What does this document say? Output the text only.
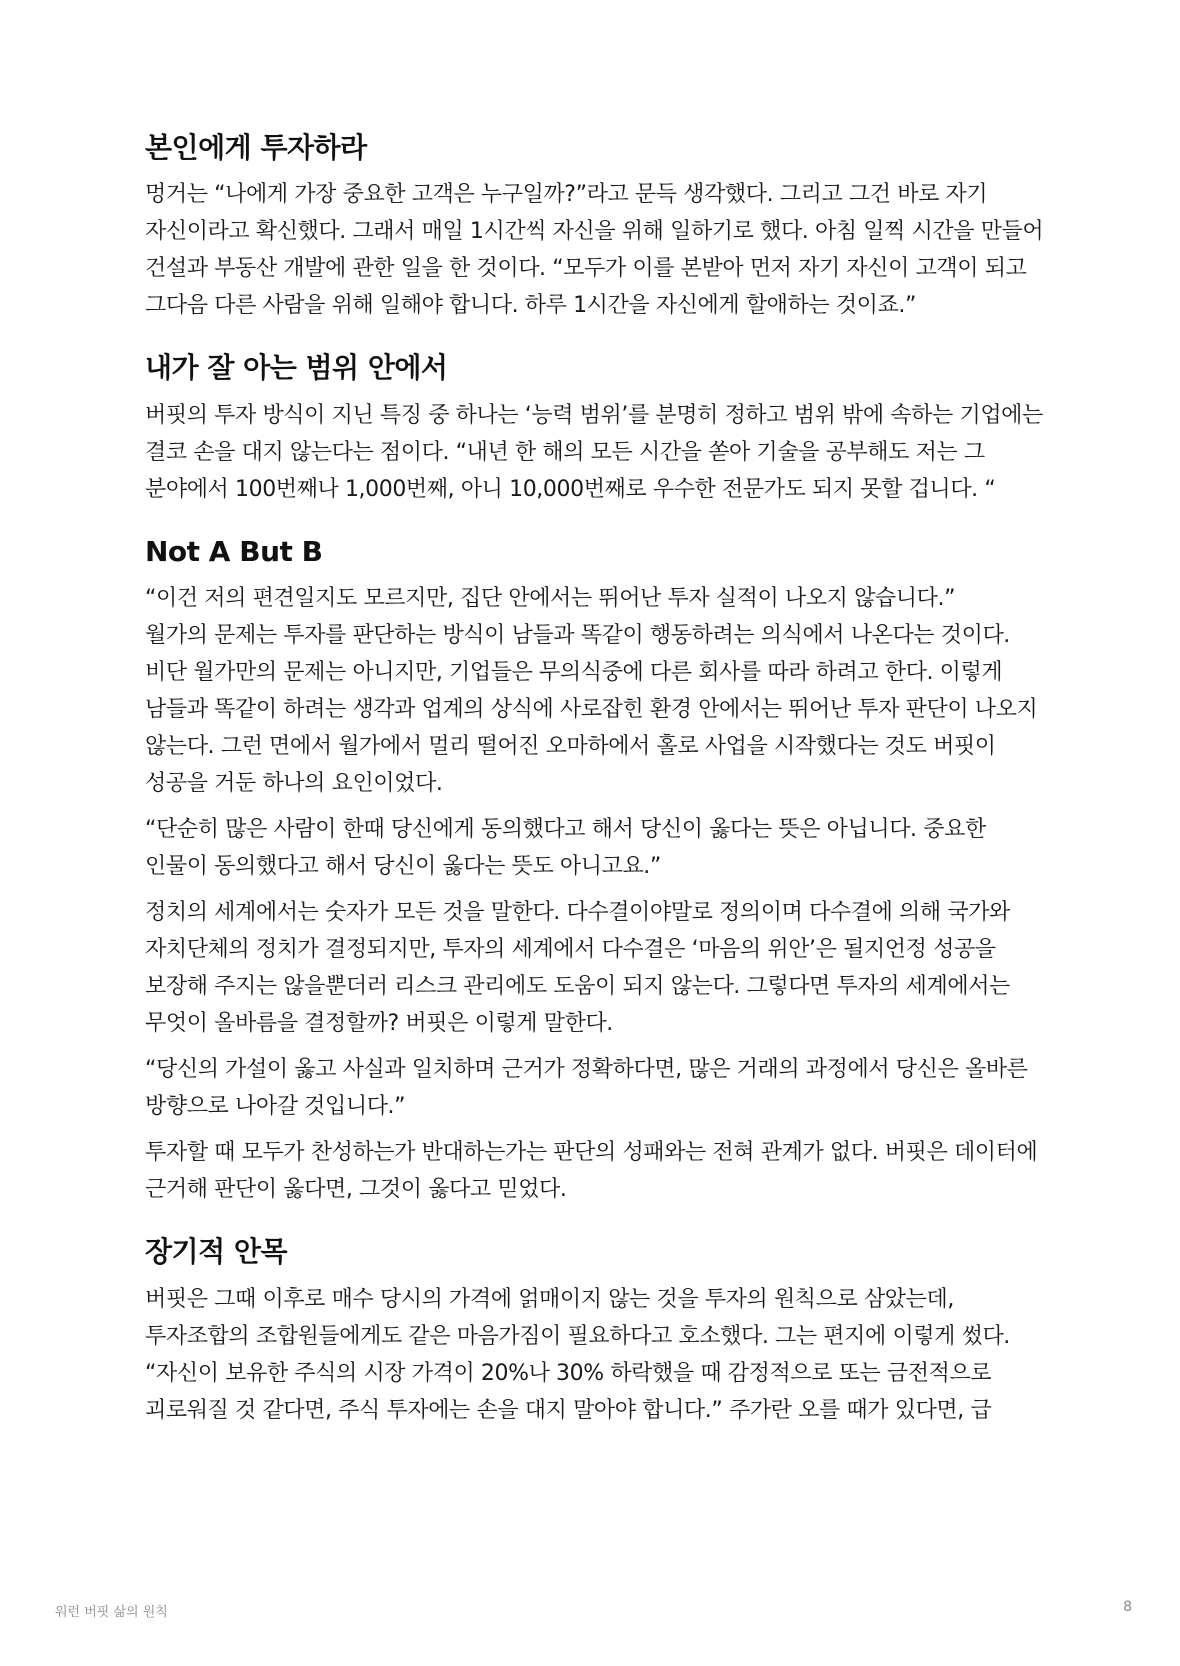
본인에게 투자하라

멍거는 “나에게 가장 중요한 고객은 누구일까?”라고 문득 생각했다. 그리고 그건 바로 자기 자신이라고 확신했다. 그래서 매일 1시간씩 자신을 위해 일하기로 했다. 아침 일찍 시간을 만들어 건설과 부동산 개발에 관한 일을 한 것이다. “모두가 이를 본받아 먼저 자기 자신이 고객이 되고 그다음 다른 사람을 위해 일해야 합니다. 하루 1시간을 자신에게 할애하는 것이죠.”

내가 잘 아는 범위 안에서

버핏의 투자 방식이 지닌 특징 중 하나는 ‘능력 범위’를 분명히 정하고 범위 밖에 속하는 기업에는 결코 손을 대지 않는다는 점이다. “내년 한 해의 모든 시간을 쏟아 기술을 공부해도 저는 그 분야에서 100번째나 1,000번째, 아니 10,000번째로 우수한 전문가도 되지 못할 겁니다. “

Not A But B

“이건 저의 편견일지도 모르지만, 집단 안에서는 뛰어난 투자 실적이 나오지 않습니다.”

월가의 문제는 투자를 판단하는 방식이 남들과 똑같이 행동하려는 의식에서 나온다는 것이다. 비단 월가만의 문제는 아니지만, 기업들은 무의식중에 다른 회사를 따라 하려고 한다. 이렇게 남들과 똑같이 하려는 생각과 업계의 상식에 사로잡힌 환경 안에서는 뛰어난 투자 판단이 나오지 않는다. 그런 면에서 월가에서 멀리 떨어진 오마하에서 홀로 사업을 시작했다는 것도 버핏이 성공을 거둔 하나의 요인이었다.

“단순히 많은 사람이 한때 당신에게 동의했다고 해서 당신이 옳다는 뜻은 아닙니다. 중요한 인물이 동의했다고 해서 당신이 옳다는 뜻도 아니고요.”

정치의 세계에서는 숫자가 모든 것을 말한다. 다수결이야말로 정의이며 다수결에 의해 국가와 자치단체의 정치가 결정되지만, 투자의 세계에서 다수결은 ‘마음의 위안’은 될지언정 성공을 보장해 주지는 않을뿐더러 리스크 관리에도 도움이 되지 않는다. 그렇다면 투자의 세계에서는 무엇이 올바름을 결정할까? 버핏은 이렇게 말한다.

“당신의 가설이 옳고 사실과 일치하며 근거가 정확하다면, 많은 거래의 과정에서 당신은 올바른 방향으로 나아갈 것입니다.”

투자할 때 모두가 찬성하는가 반대하는가는 판단의 성패와는 전혀 관계가 없다. 버핏은 데이터에 근거해 판단이 옳다면, 그것이 옳다고 믿었다.

장기적 안목

버핏은 그때 이후로 매수 당시의 가격에 얽매이지 않는 것을 투자의 원칙으로 삼았는데, 투자조합의 조합원들에게도 같은 마음가짐이 필요하다고 호소했다. 그는 편지에 이렇게 썼다. “자신이 보유한 주식의 시장 가격이 20%나 30% 하락했을 때 감정적으로 또는 금전적으로 괴로워질 것 같다면, 주식 투자에는 손을 대지 말아야 합니다.” 주가란 오를 때가 있다면, 급

워런 버핏 삶의 원칙	8
